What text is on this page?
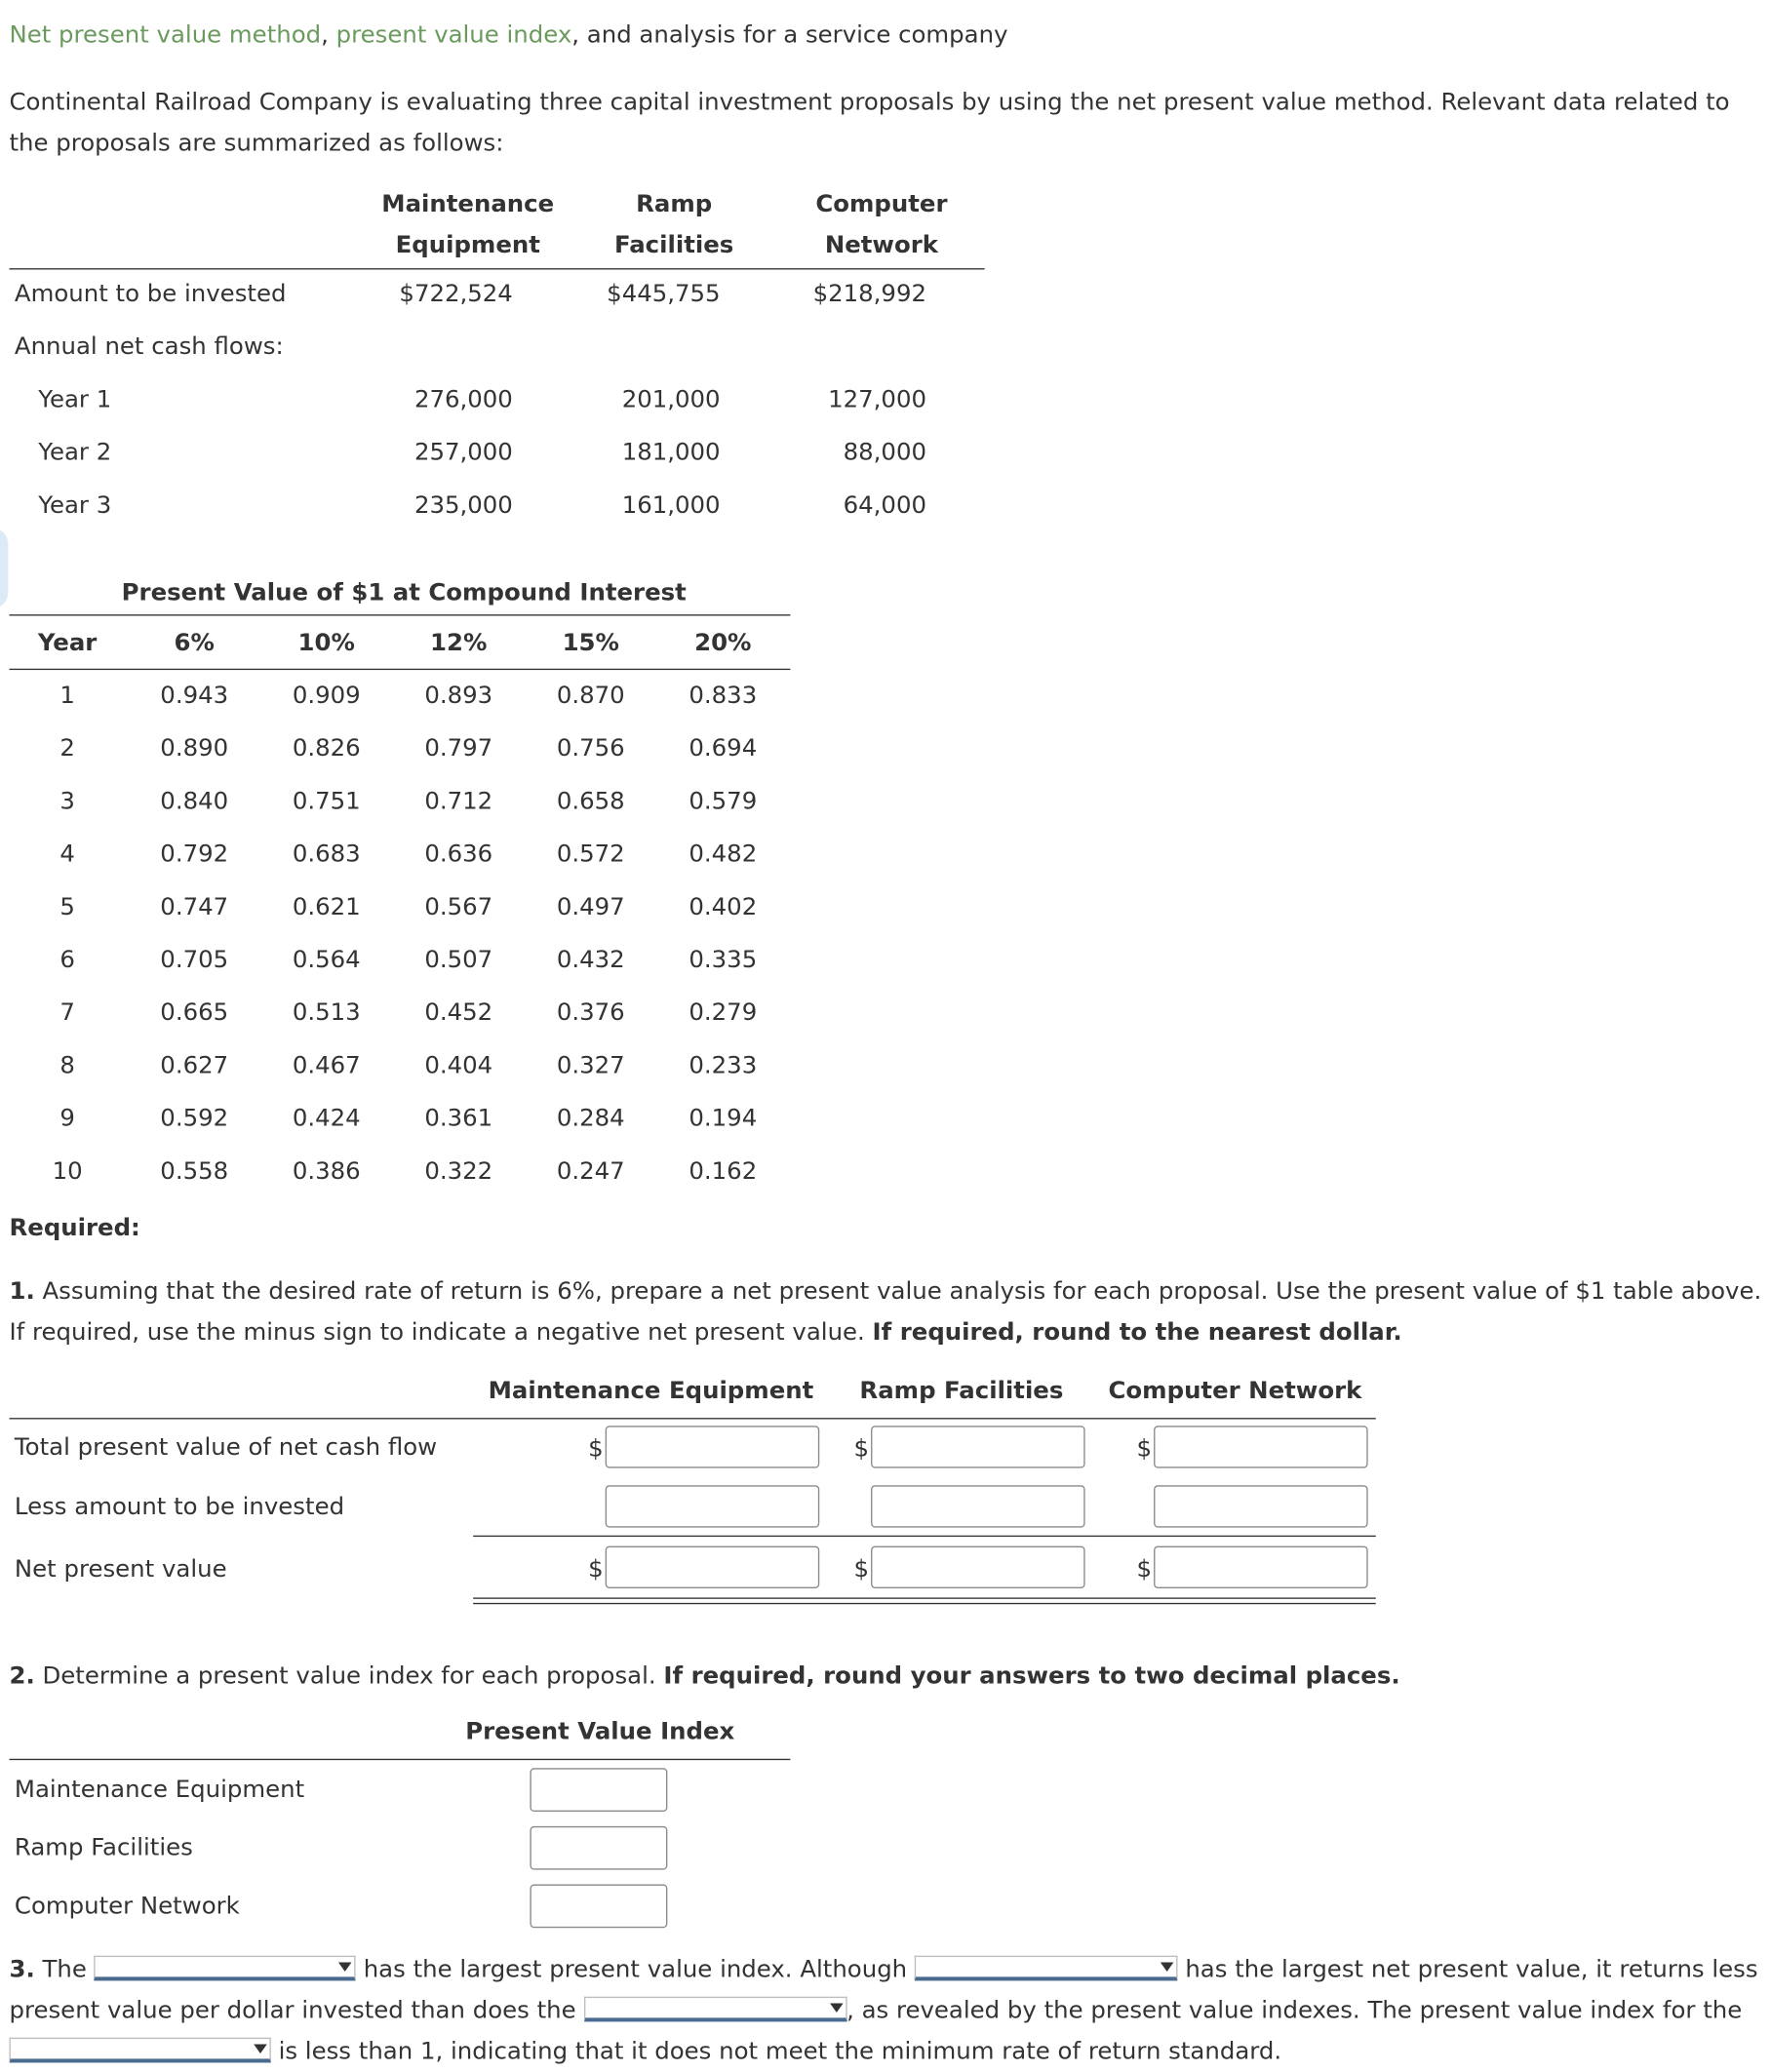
Net present value method, present value index, and analysis for a service company
Continental Railroad Company is evaluating three capital investment proposals by using the net present value method. Relevant data related to the proposals are summarized as follows:
Maintenance
Equipment
Ramp
Facilities
Computer
Network
Amount to be invested	$722,524	$445,755	$218,992
Annual net cash flows:
Year 1	276,000	201,000	127,000
Year 2	257,000	181,000	88,000
Year 3	235,000	161,000	64,000
Present Value of $1 at Compound Interest
Year	6%	10%	12%	15%	20%
1	0.943	0.909	0.893	0.870	0.833
2	0.890	0.826	0.797	0.756	0.694
3	0.840	0.751	0.712	0.658	0.579
4	0.792	0.683	0.636	0.572	0.482
5	0.747	0.621	0.567	0.497	0.402
6	0.705	0.564	0.507	0.432	0.335
7	0.665	0.513	0.452	0.376	0.279
8	0.627	0.467	0.404	0.327	0.233
9	0.592	0.424	0.361	0.284	0.194
10	0.558	0.386	0.322	0.247	0.162
Required:
1. Assuming that the desired rate of return is 6%, prepare a net present value analysis for each proposal. Use the present value of $1 table above. If required, use the minus sign to indicate a negative net present value. If required, round to the nearest dollar.
Maintenance Equipment	Ramp Facilities	Computer Network
Total present value of net cash flow	$	$	$
Less amount to be invested
Net present value	$	$	$
2. Determine a present value index for each proposal. If required, round your answers to two decimal places.
Present Value Index
Maintenance Equipment
Ramp Facilities
Computer Network
3. The	has the largest present value index. Although	has the largest net present value, it returns less present value per dollar invested than does the	, as revealed by the present value indexes. The present value index for the
is less than 1, indicating that it does not meet the minimum rate of return standard.
